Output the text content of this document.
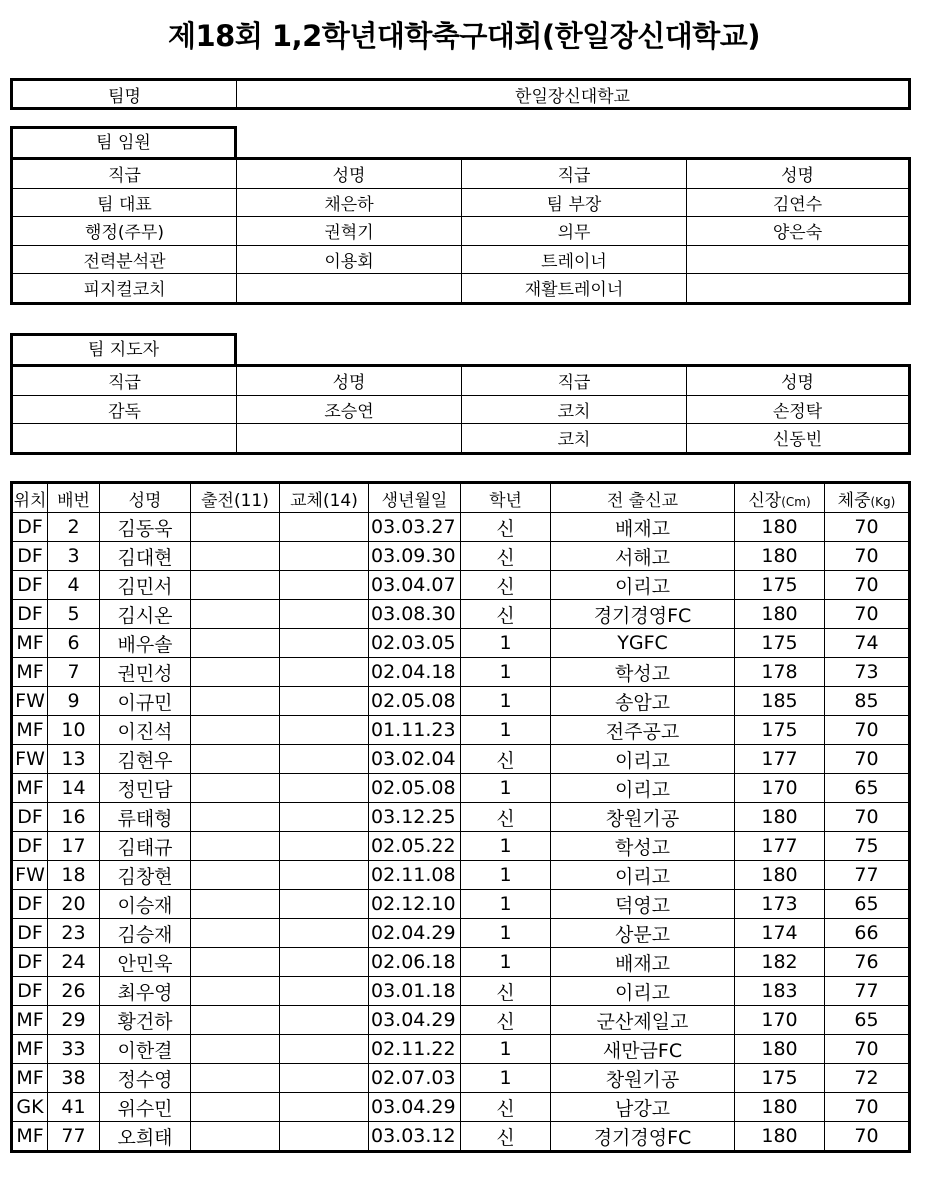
제18회 1,2학년대학축구대회(한일장신대학교)
팀명	한일장신대학교
팀 임원
직급	성명	직급	성명
팀 대표	채은하	팀 부장	김연수
행정(주무)	권혁기	의무	양은숙
전력분석관	이용회	트레이너	
피지컬코치		재활트레이너	
팀 지도자
직급	성명	직급	성명
감독	조승연	코치	손정탁
		코치	신동빈
위치	배번	성명	출전(11)	교체(14)	생년월일	학년	전 출신교	신장(Cm)	체중(Kg)
DF	2	김동욱			03.03.27	신	배재고	180	70
DF	3	김대현			03.09.30	신	서해고	180	70
DF	4	김민서			03.04.07	신	이리고	175	70
DF	5	김시온			03.08.30	신	경기경영FC	180	70
MF	6	배우솔			02.03.05	1	YGFC	175	74
MF	7	권민성			02.04.18	1	학성고	178	73
FW	9	이규민			02.05.08	1	송암고	185	85
MF	10	이진석			01.11.23	1	전주공고	175	70
FW	13	김현우			03.02.04	신	이리고	177	70
MF	14	정민담			02.05.08	1	이리고	170	65
DF	16	류태형			03.12.25	신	창원기공	180	70
DF	17	김태규			02.05.22	1	학성고	177	75
FW	18	김창현			02.11.08	1	이리고	180	77
DF	20	이승재			02.12.10	1	덕영고	173	65
DF	23	김승재			02.04.29	1	상문고	174	66
DF	24	안민욱			02.06.18	1	배재고	182	76
DF	26	최우영			03.01.18	신	이리고	183	77
MF	29	황건하			03.04.29	신	군산제일고	170	65
MF	33	이한결			02.11.22	1	새만금FC	180	70
MF	38	정수영			02.07.03	1	창원기공	175	72
GK	41	위수민			03.04.29	신	남강고	180	70
MF	77	오희태			03.03.12	신	경기경영FC	180	70
